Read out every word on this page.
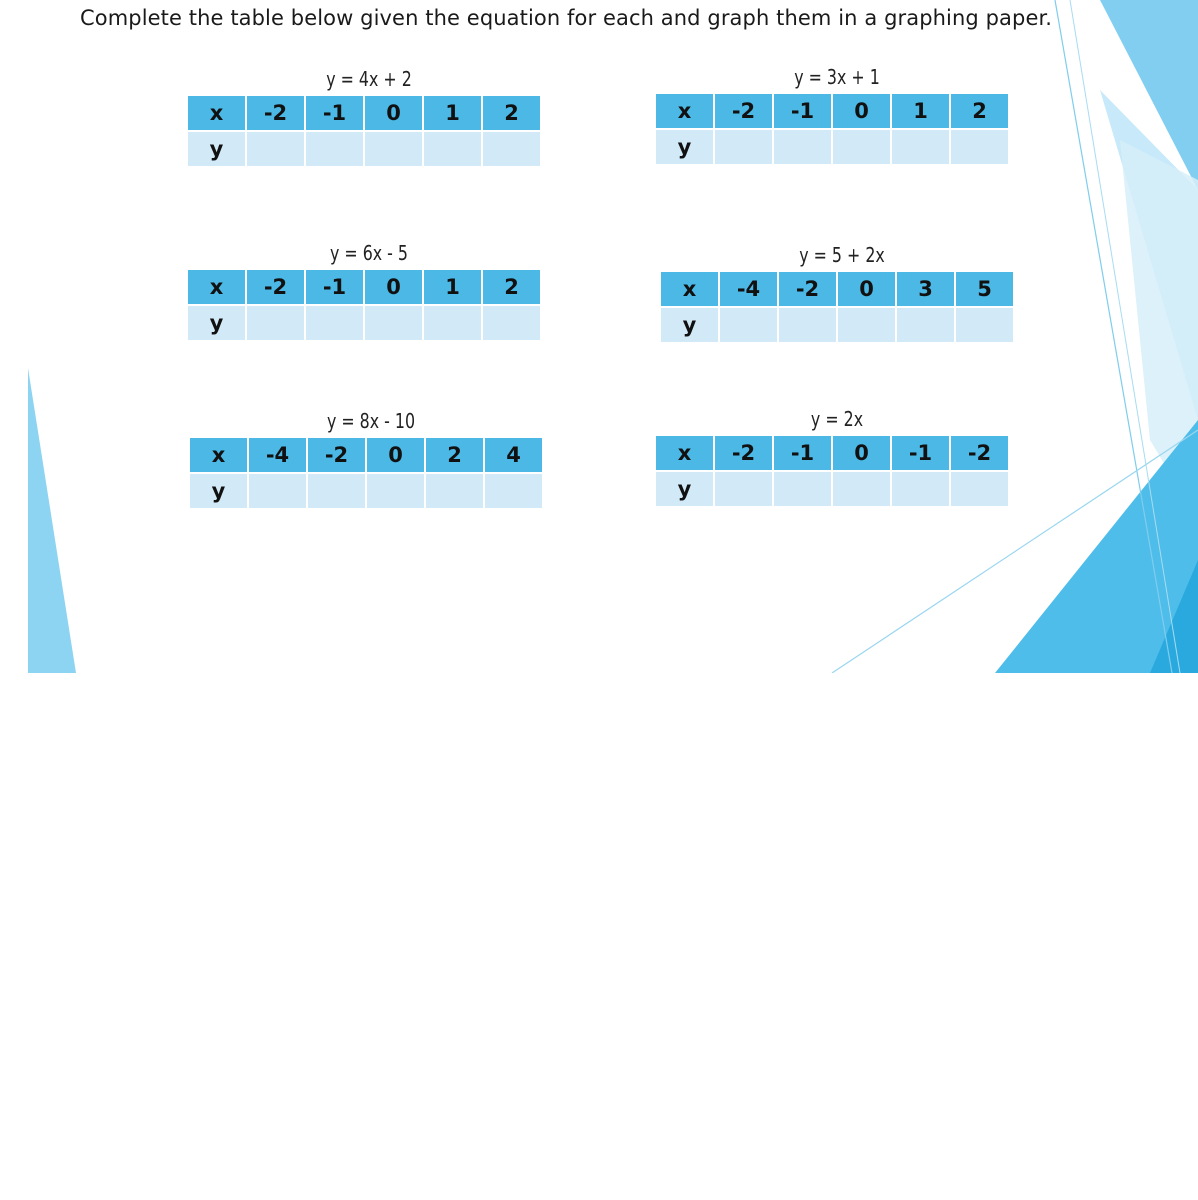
Complete the table below given the equation for each and graph them in a graphing paper.

y = 4x + 2
x	-2	-1	0	1	2
y					
y = 3x + 1
x	-2	-1	0	1	2
y					
y = 6x - 5
x	-2	-1	0	1	2
y					
y = 5 + 2x
x	-4	-2	0	3	5
y					
y = 8x - 10
x	-4	-2	0	2	4
y					
y = 2x
x	-2	-1	0	-1	-2
y					
